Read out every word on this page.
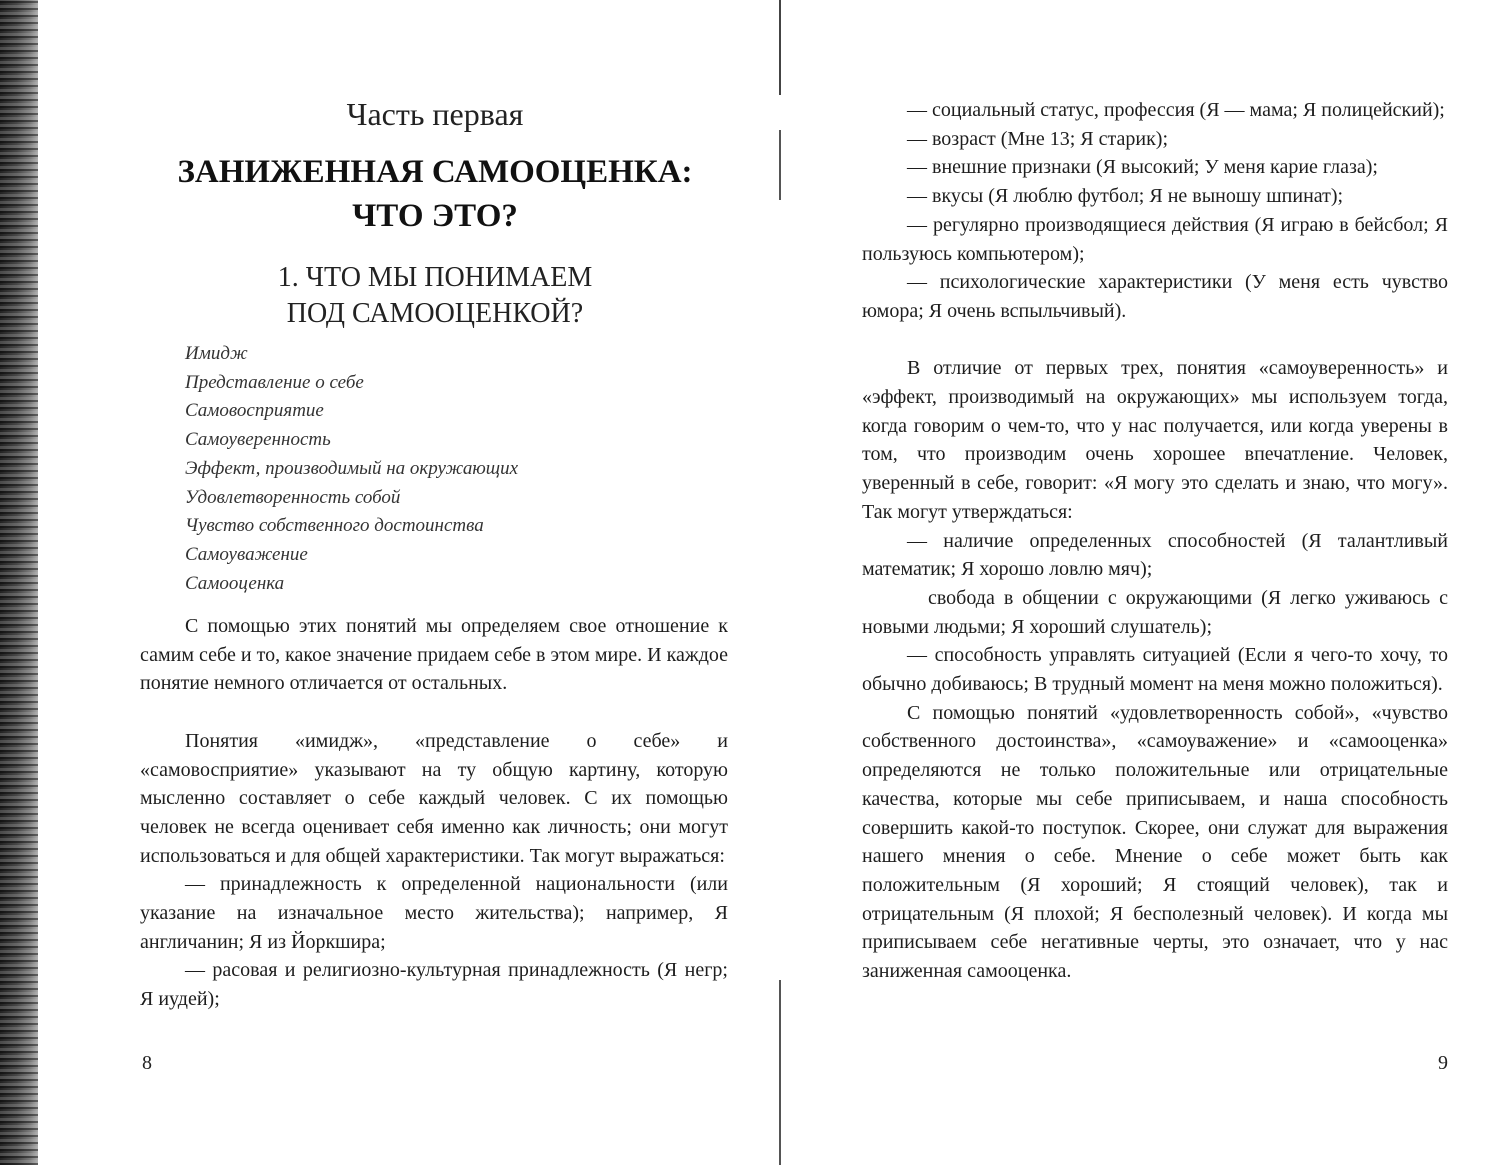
Часть первая
ЗАНИЖЕННАЯ САМООЦЕНКА:
ЧТО ЭТО?
1. ЧТО МЫ ПОНИМАЕМ
ПОД САМООЦЕНКОЙ?
Имидж
Представление о себе
Самовосприятие
Самоуверенность
Эффект, производимый на окружающих
Удовлетворенность собой
Чувство собственного достоинства
Самоуважение
Самооценка

С помощью этих понятий мы определяем свое отношение к самим себе и то, какое значение придаем себе в этом мире. И каждое понятие немного отличается от остальных.

Понятия «имидж», «представление о себе» и «самовосприятие» указывают на ту общую картину, которую мысленно составляет о себе каждый человек. С их помощью человек не всегда оценивает себя именно как личность; они могут использоваться и для общей характеристики. Так могут выражаться:

— принадлежность к определенной национальности (или указание на изначальное место жительства); например, Я англичанин; Я из Йоркшира;

— расовая и религиозно-культурная принадлежность (Я негр; Я иудей);

8

— социальный статус, профессия (Я — мама; Я полицейский);

— возраст (Мне 13; Я старик);

— внешние признаки (Я высокий; У меня карие глаза);

— вкусы (Я люблю футбол; Я не выношу шпинат);

— регулярно производящиеся действия (Я играю в бейсбол; Я пользуюсь компьютером);

— психологические характеристики (У меня есть чувство юмора; Я очень вспыльчивый).

В отличие от первых трех, понятия «самоуверенность» и «эффект, производимый на окружающих» мы используем тогда, когда говорим о чем-то, что у нас получается, или когда уверены в том, что производим очень хорошее впечатление. Человек, уверенный в себе, говорит: «Я могу это сделать и знаю, что могу». Так могут утверждаться:

— наличие определенных способностей (Я талантливый математик; Я хорошо ловлю мяч);

свобода в общении с окружающими (Я легко уживаюсь с новыми людьми; Я хороший слушатель);

— способность управлять ситуацией (Если я чего-то хочу, то обычно добиваюсь; В трудный момент на меня можно положиться).

С помощью понятий «удовлетворенность собой», «чувство собственного достоинства», «самоуважение» и «самооценка» определяются не только положительные или отрицательные качества, которые мы себе приписываем, и наша способность совершить какой-то поступок. Скорее, они служат для выражения нашего мнения о себе. Мнение о себе может быть как положительным (Я хороший; Я стоящий человек), так и отрицательным (Я плохой; Я бесполезный человек). И когда мы приписываем себе негативные черты, это означает, что у нас заниженная самооценка.

9
